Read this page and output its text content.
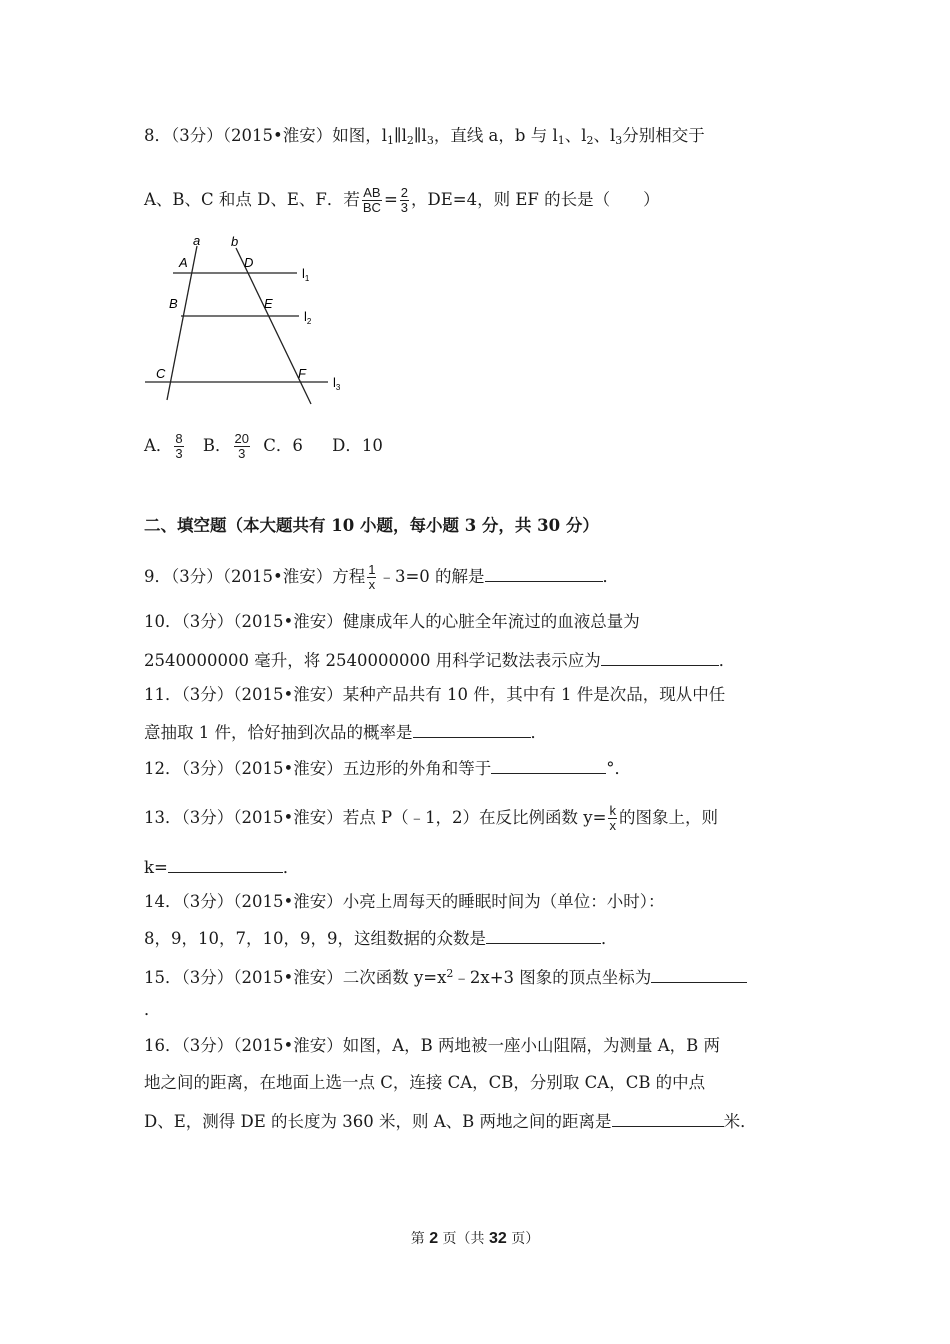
8．（3分）（2015•淮安）如图，$l_1\parallel l_2\parallel l_3$，直线 a，b 与 $l_1$、$l_2$、$l_3$分别相交于
A、B、C 和点 D、E、F．若 $\frac{AB}{BC} = \frac{2}{3}$ ，DE=4，则 EF 的长是（　　）
a b
A	D
B	E
C	F
$l_1$
$l_2$
$l_3$
A． $\frac{8}{3}$ B． $\frac{20}{3}$ C．6 D．10
二、填空题（本大题共有 10 小题，每小题 3 分，共 30 分）
9．（3分）（2015•淮安）方程 $\frac{1}{x}$ ﹣3=0 的解是	．
10．（3分）（2015•淮安）健康成年人的心脏全年流过的血液总量为
2540000000 毫升，将 2540000000 用科学记数法表示应为	．
11．（3分）（2015•淮安）某种产品共有 10 件，其中有 1 件是次品，现从中任
意抽取 1 件，恰好抽到次品的概率是	．
12．（3分）（2015•淮安）五边形的外角和等于	°．
13．（3分）（2015•淮安）若点 P（﹣1，2）在反比例函数 $y= \frac{k}{x}$ 的图象上，则
k=	．
14．（3分）（2015•淮安）小亮上周每天的睡眠时间为（单位：小时）：
8，9，10，7，10，9，9，这组数据的众数是	．
15．（3分）（2015•淮安）二次函数 $y=x^2﹣2x+3$ 图象的顶点坐标为
．
16．（3分）（2015•淮安）如图，A，B 两地被一座小山阻隔，为测量 A，B 两
地之间的距离，在地面上选一点 C，连接 CA，CB，分别取 CA，CB 的中点
D、E，测得 DE 的长度为 360 米，则 A、B 两地之间的距离是	米．
第 2 页（共 32 页）
